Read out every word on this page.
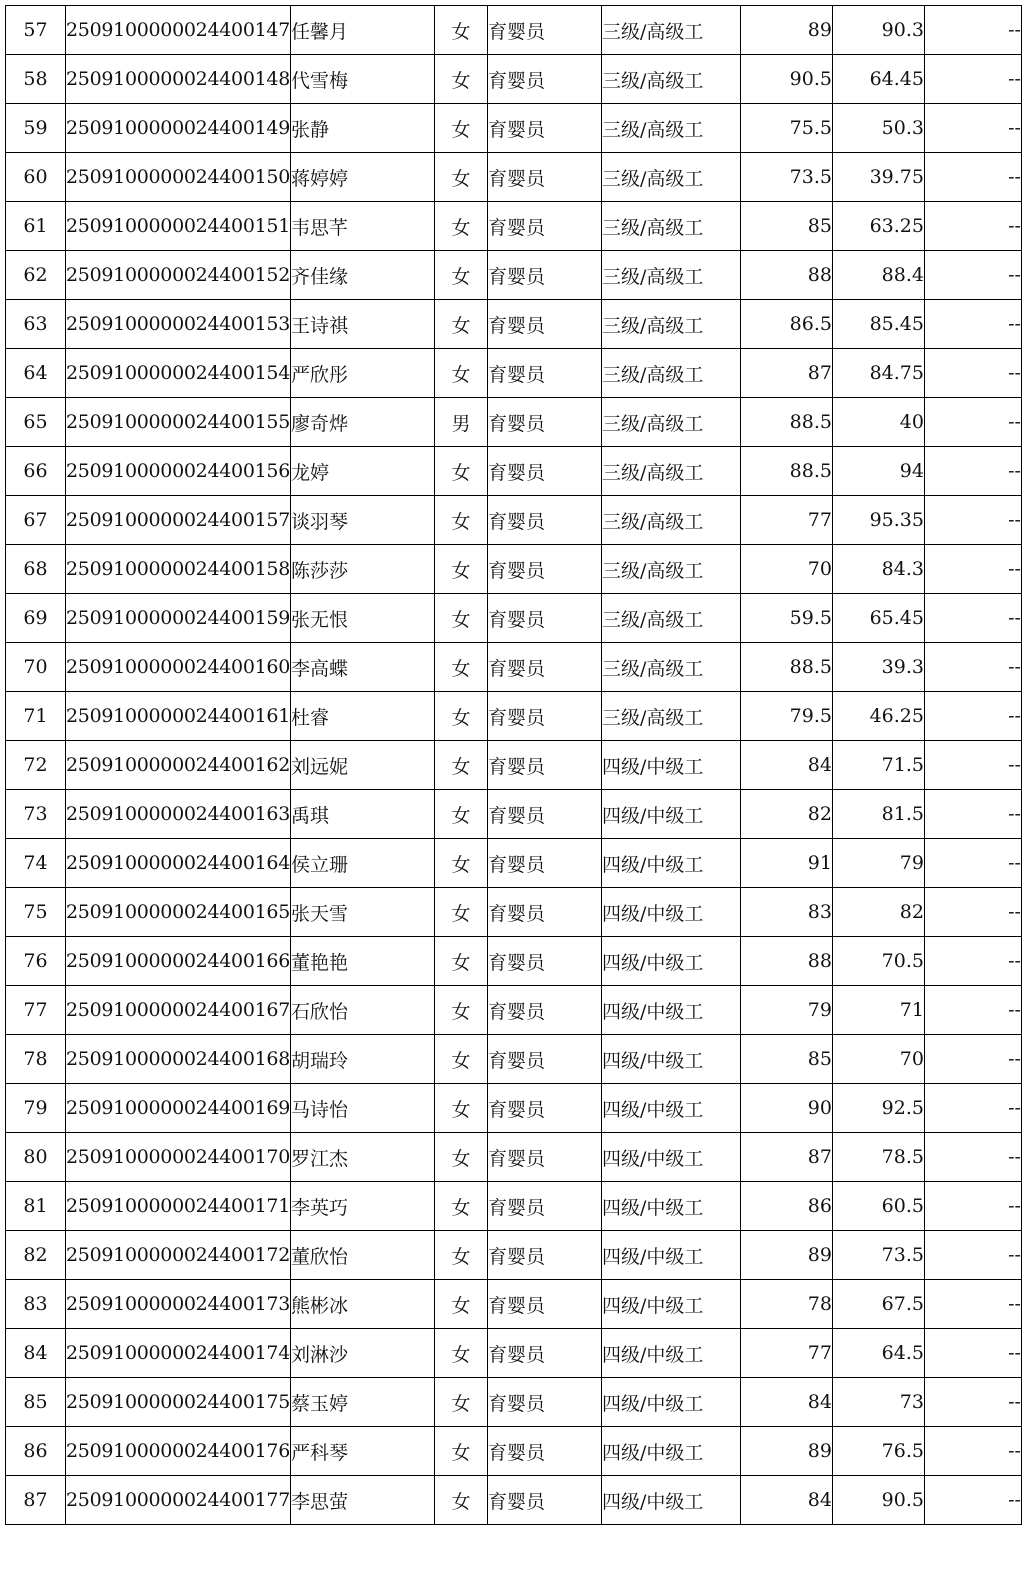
57	2509100000024400147	任馨月	女	育婴员	三级/高级工	89	90.3	--
58	2509100000024400148	代雪梅	女	育婴员	三级/高级工	90.5	64.45	--
59	2509100000024400149	张静	女	育婴员	三级/高级工	75.5	50.3	--
60	2509100000024400150	蒋婷婷	女	育婴员	三级/高级工	73.5	39.75	--
61	2509100000024400151	韦思芊	女	育婴员	三级/高级工	85	63.25	--
62	2509100000024400152	齐佳缘	女	育婴员	三级/高级工	88	88.4	--
63	2509100000024400153	王诗祺	女	育婴员	三级/高级工	86.5	85.45	--
64	2509100000024400154	严欣彤	女	育婴员	三级/高级工	87	84.75	--
65	2509100000024400155	廖奇烨	男	育婴员	三级/高级工	88.5	40	--
66	2509100000024400156	龙婷	女	育婴员	三级/高级工	88.5	94	--
67	2509100000024400157	谈羽琴	女	育婴员	三级/高级工	77	95.35	--
68	2509100000024400158	陈莎莎	女	育婴员	三级/高级工	70	84.3	--
69	2509100000024400159	张无恨	女	育婴员	三级/高级工	59.5	65.45	--
70	2509100000024400160	李高蝶	女	育婴员	三级/高级工	88.5	39.3	--
71	2509100000024400161	杜睿	女	育婴员	三级/高级工	79.5	46.25	--
72	2509100000024400162	刘远妮	女	育婴员	四级/中级工	84	71.5	--
73	2509100000024400163	禹琪	女	育婴员	四级/中级工	82	81.5	--
74	2509100000024400164	侯立珊	女	育婴员	四级/中级工	91	79	--
75	2509100000024400165	张天雪	女	育婴员	四级/中级工	83	82	--
76	2509100000024400166	董艳艳	女	育婴员	四级/中级工	88	70.5	--
77	2509100000024400167	石欣怡	女	育婴员	四级/中级工	79	71	--
78	2509100000024400168	胡瑞玲	女	育婴员	四级/中级工	85	70	--
79	2509100000024400169	马诗怡	女	育婴员	四级/中级工	90	92.5	--
80	2509100000024400170	罗江杰	女	育婴员	四级/中级工	87	78.5	--
81	2509100000024400171	李英巧	女	育婴员	四级/中级工	86	60.5	--
82	2509100000024400172	董欣怡	女	育婴员	四级/中级工	89	73.5	--
83	2509100000024400173	熊彬冰	女	育婴员	四级/中级工	78	67.5	--
84	2509100000024400174	刘淋沙	女	育婴员	四级/中级工	77	64.5	--
85	2509100000024400175	蔡玉婷	女	育婴员	四级/中级工	84	73	--
86	2509100000024400176	严科琴	女	育婴员	四级/中级工	89	76.5	--
87	2509100000024400177	李思萤	女	育婴员	四级/中级工	84	90.5	--
